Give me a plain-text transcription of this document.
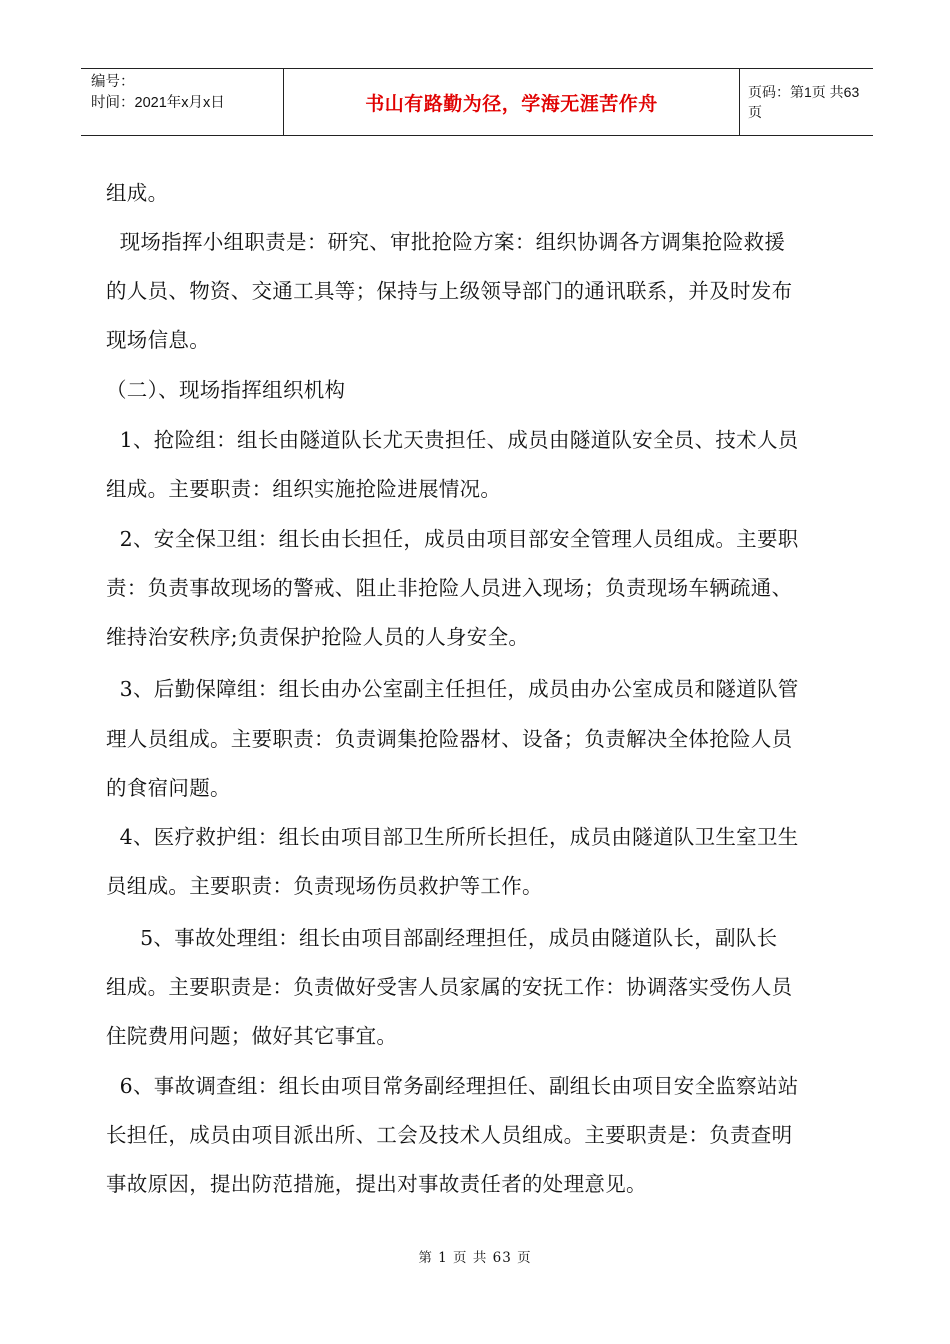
编号：
时间：2021年x月x日	书山有路勤为径，学海无涯苦作舟
页码：第1页 共63页
组成。
现场指挥小组职责是：研究、审批抢险方案：组织协调各方调集抢险救援
的人员、物资、交通工具等；保持与上级领导部门的通讯联系，并及时发布
现场信息。
（二）、现场指挥组织机构
1、抢险组：组长由隧道队长尤天贵担任、成员由隧道队安全员、技术人员
组成。主要职责：组织实施抢险进展情况。
2、安全保卫组：组长由长担任，成员由项目部安全管理人员组成。主要职
责：负责事故现场的警戒、阻止非抢险人员进入现场；负责现场车辆疏通、
维持治安秩序;负责保护抢险人员的人身安全。
3、后勤保障组：组长由办公室副主任担任，成员由办公室成员和隧道队管
理人员组成。主要职责：负责调集抢险器材、设备；负责解决全体抢险人员
的食宿问题。
4、医疗救护组：组长由项目部卫生所所长担任，成员由隧道队卫生室卫生
员组成。主要职责：负责现场伤员救护等工作。
5、事故处理组：组长由项目部副经理担任，成员由隧道队长，副队长
组成。主要职责是：负责做好受害人员家属的安抚工作：协调落实受伤人员
住院费用问题；做好其它事宜。
6、事故调查组：组长由项目常务副经理担任、副组长由项目安全监察站站
长担任，成员由项目派出所、工会及技术人员组成。主要职责是：负责查明
事故原因，提出防范措施，提出对事故责任者的处理意见。
第 1 页 共 63 页
